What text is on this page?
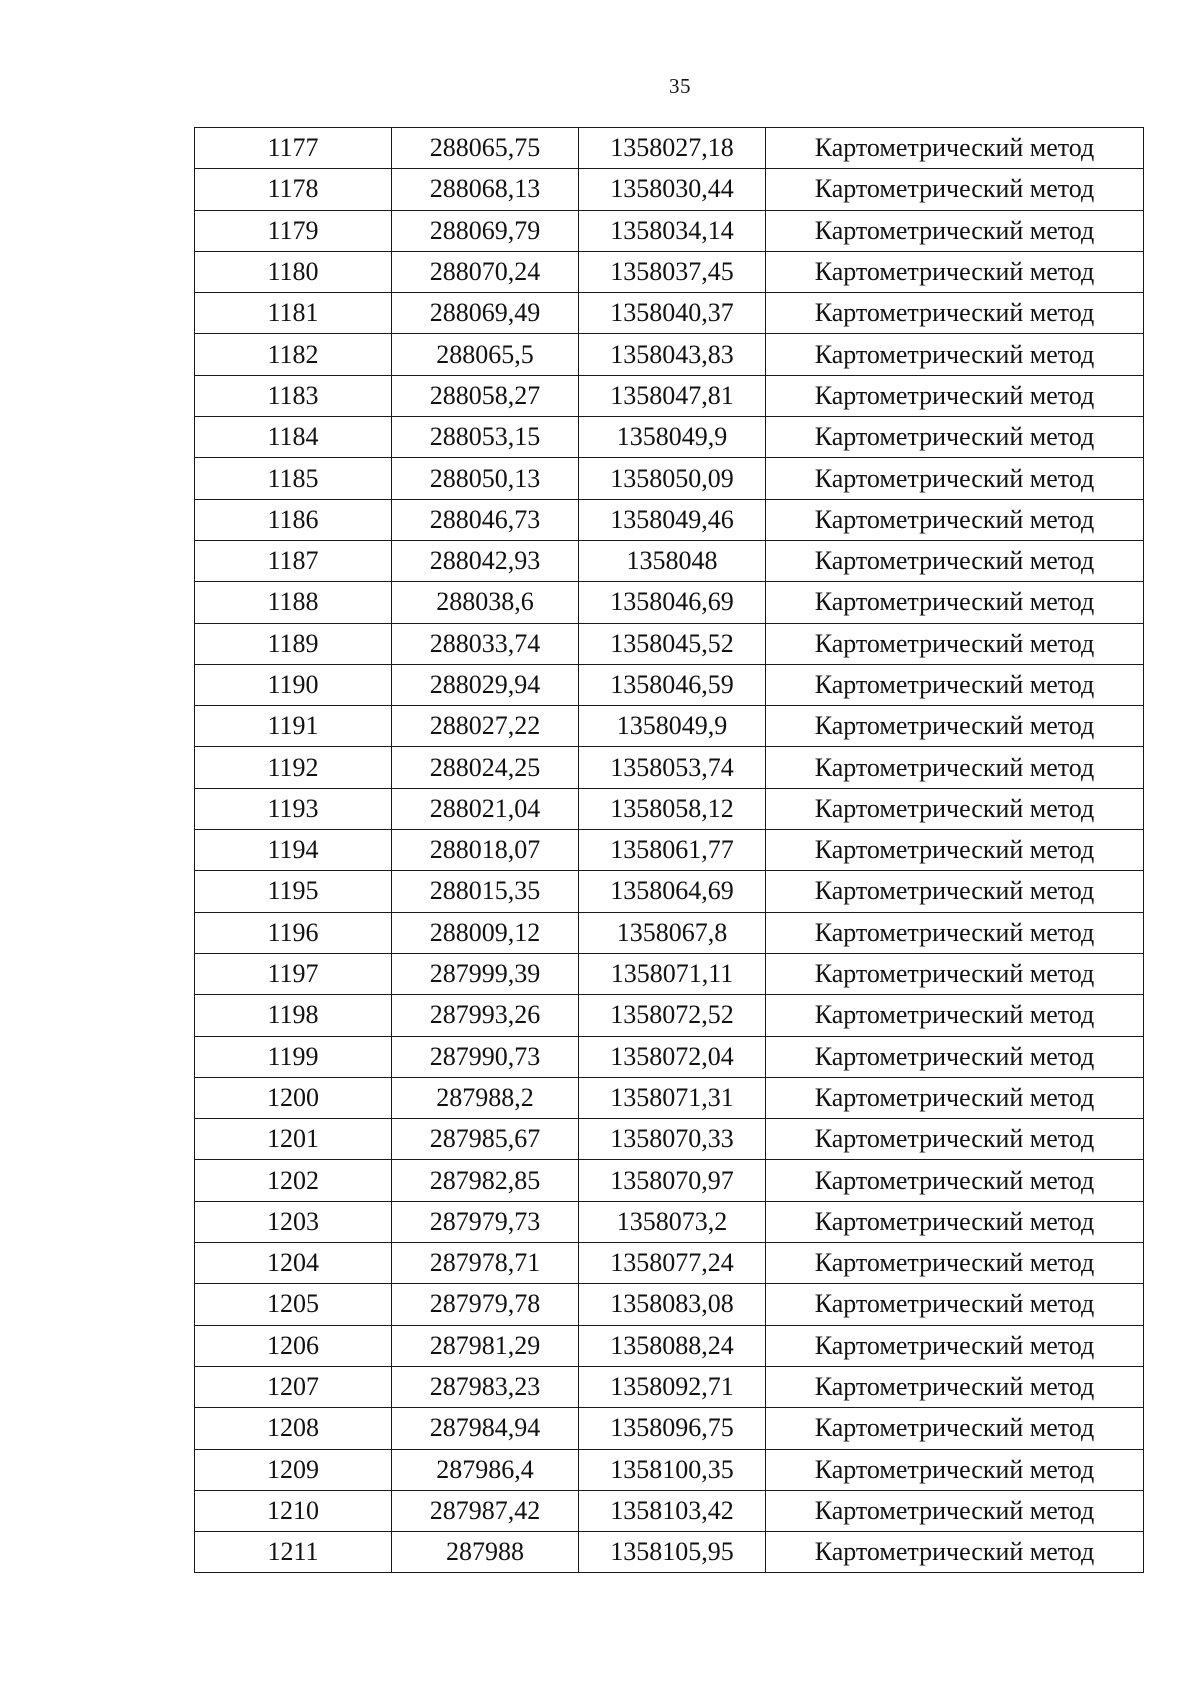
35
1177	288065,75	1358027,18	Картометрический метод
1178	288068,13	1358030,44	Картометрический метод
1179	288069,79	1358034,14	Картометрический метод
1180	288070,24	1358037,45	Картометрический метод
1181	288069,49	1358040,37	Картометрический метод
1182	288065,5	1358043,83	Картометрический метод
1183	288058,27	1358047,81	Картометрический метод
1184	288053,15	1358049,9	Картометрический метод
1185	288050,13	1358050,09	Картометрический метод
1186	288046,73	1358049,46	Картометрический метод
1187	288042,93	1358048	Картометрический метод
1188	288038,6	1358046,69	Картометрический метод
1189	288033,74	1358045,52	Картометрический метод
1190	288029,94	1358046,59	Картометрический метод
1191	288027,22	1358049,9	Картометрический метод
1192	288024,25	1358053,74	Картометрический метод
1193	288021,04	1358058,12	Картометрический метод
1194	288018,07	1358061,77	Картометрический метод
1195	288015,35	1358064,69	Картометрический метод
1196	288009,12	1358067,8	Картометрический метод
1197	287999,39	1358071,11	Картометрический метод
1198	287993,26	1358072,52	Картометрический метод
1199	287990,73	1358072,04	Картометрический метод
1200	287988,2	1358071,31	Картометрический метод
1201	287985,67	1358070,33	Картометрический метод
1202	287982,85	1358070,97	Картометрический метод
1203	287979,73	1358073,2	Картометрический метод
1204	287978,71	1358077,24	Картометрический метод
1205	287979,78	1358083,08	Картометрический метод
1206	287981,29	1358088,24	Картометрический метод
1207	287983,23	1358092,71	Картометрический метод
1208	287984,94	1358096,75	Картометрический метод
1209	287986,4	1358100,35	Картометрический метод
1210	287987,42	1358103,42	Картометрический метод
1211	287988	1358105,95	Картометрический метод
